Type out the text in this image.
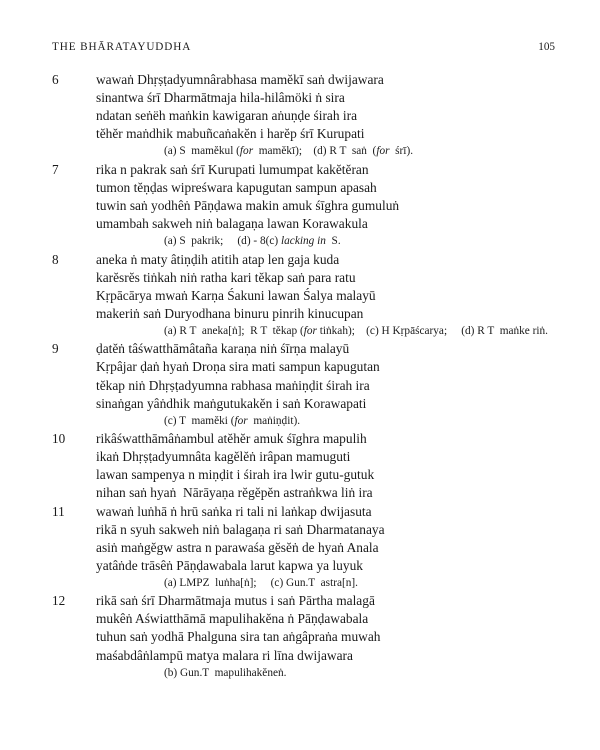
THE BHĀRATAYUDDHA	105
6	wawaṅ Dhṛṣṭadyumnârabhasa mamĕkī saṅ dwijawara
sinantwa śrī Dharmātmaja hila-hilâmöki ṅ sira
ndatan seṅëh maṅkin kawigaran aṅuṇḍe śirah ira
tĕhĕr maṅdhik mabuñcaṅakĕn i harĕp śrī Kurupati
(a) S  mamĕkul (for  mamĕkī);    (d) R T  saṅ  (for  śrī).
7	rika n pakrak saṅ śrī Kurupati lumumpat kakĕtĕran
tumon tĕṇḍas wipreśwara kapugutan sampun apasah
tuwin saṅ yodhêṅ Pāṇḍawa makin amuk śīghra gumuluṅ
umambah sakweh niṅ balagaṇa lawan Korawakula
(a) S  pakrik;     (d) - 8(c) lacking in  S.
8	aneka ṅ maty âtiṇḍih atitih atap len gaja kuda
karĕsrĕs tiṅkah niṅ ratha kari tĕkap saṅ para ratu
Kṛpācārya mwaṅ Karṇa Śakuni lawan Śalya malayū
makeriṅ saṅ Duryodhana binuru pinrih kinucupan
(a) R T  aneka[ṅ];  R T  tĕkap (for tiṅkah);    (c) H Kṛpāścarya;     (d) R T  maṅke riṅ.
9	ḍatĕṅ tâśwatthāmâtaña karaṇa niṅ śīrṇa malayū
Kṛpâjar ḍaṅ hyaṅ Droṇa sira mati sampun kapugutan
tĕkap niṅ Dhṛṣṭadyumna rabhasa maṅiṇḍit śirah ira
sinaṅgan yâṅdhik maṅgutukakĕn i saṅ Korawapati
(c) T  mamĕki (for  maṅiṇḍit).
10	rikâśwatthāmâṅambul atĕhĕr amuk śīghra mapulih
ikaṅ Dhṛṣṭadyumnâta kagĕlĕṅ irâpan mamuguti
lawan sampenya n miṇḍit i śirah ira lwir gutu-gutuk
nihan saṅ hyaṅ  Nārāyaṇa rĕgĕpĕn astraṅkwa liṅ ira
11	wawaṅ luṅhā ṅ hrū saṅka ri tali ni laṅkap dwijasuta
rikā n syuh sakweh niṅ balagaṇa ri saṅ Dharmatanaya
asiṅ maṅgĕgw astra n parawaśa gĕsĕṅ de hyaṅ Anala
yatâṅde trāsêṅ Pāṇḍawabala larut kapwa ya luyuk
(a) LMPZ  luṅha[ṅ];     (c) Gun.T  astra[n].
12	rikā saṅ śrī Dharmātmaja mutus i saṅ Pārtha malagā
mukêṅ Aświatthāmā mapulihakĕna ṅ Pāṇḍawabala
tuhun saṅ yodhā Phalguna sira tan aṅgâpraṅa muwah
maśabdâṅlampū matya malara ri līna dwijawara
(b) Gun.T  mapulihakĕneṅ.
